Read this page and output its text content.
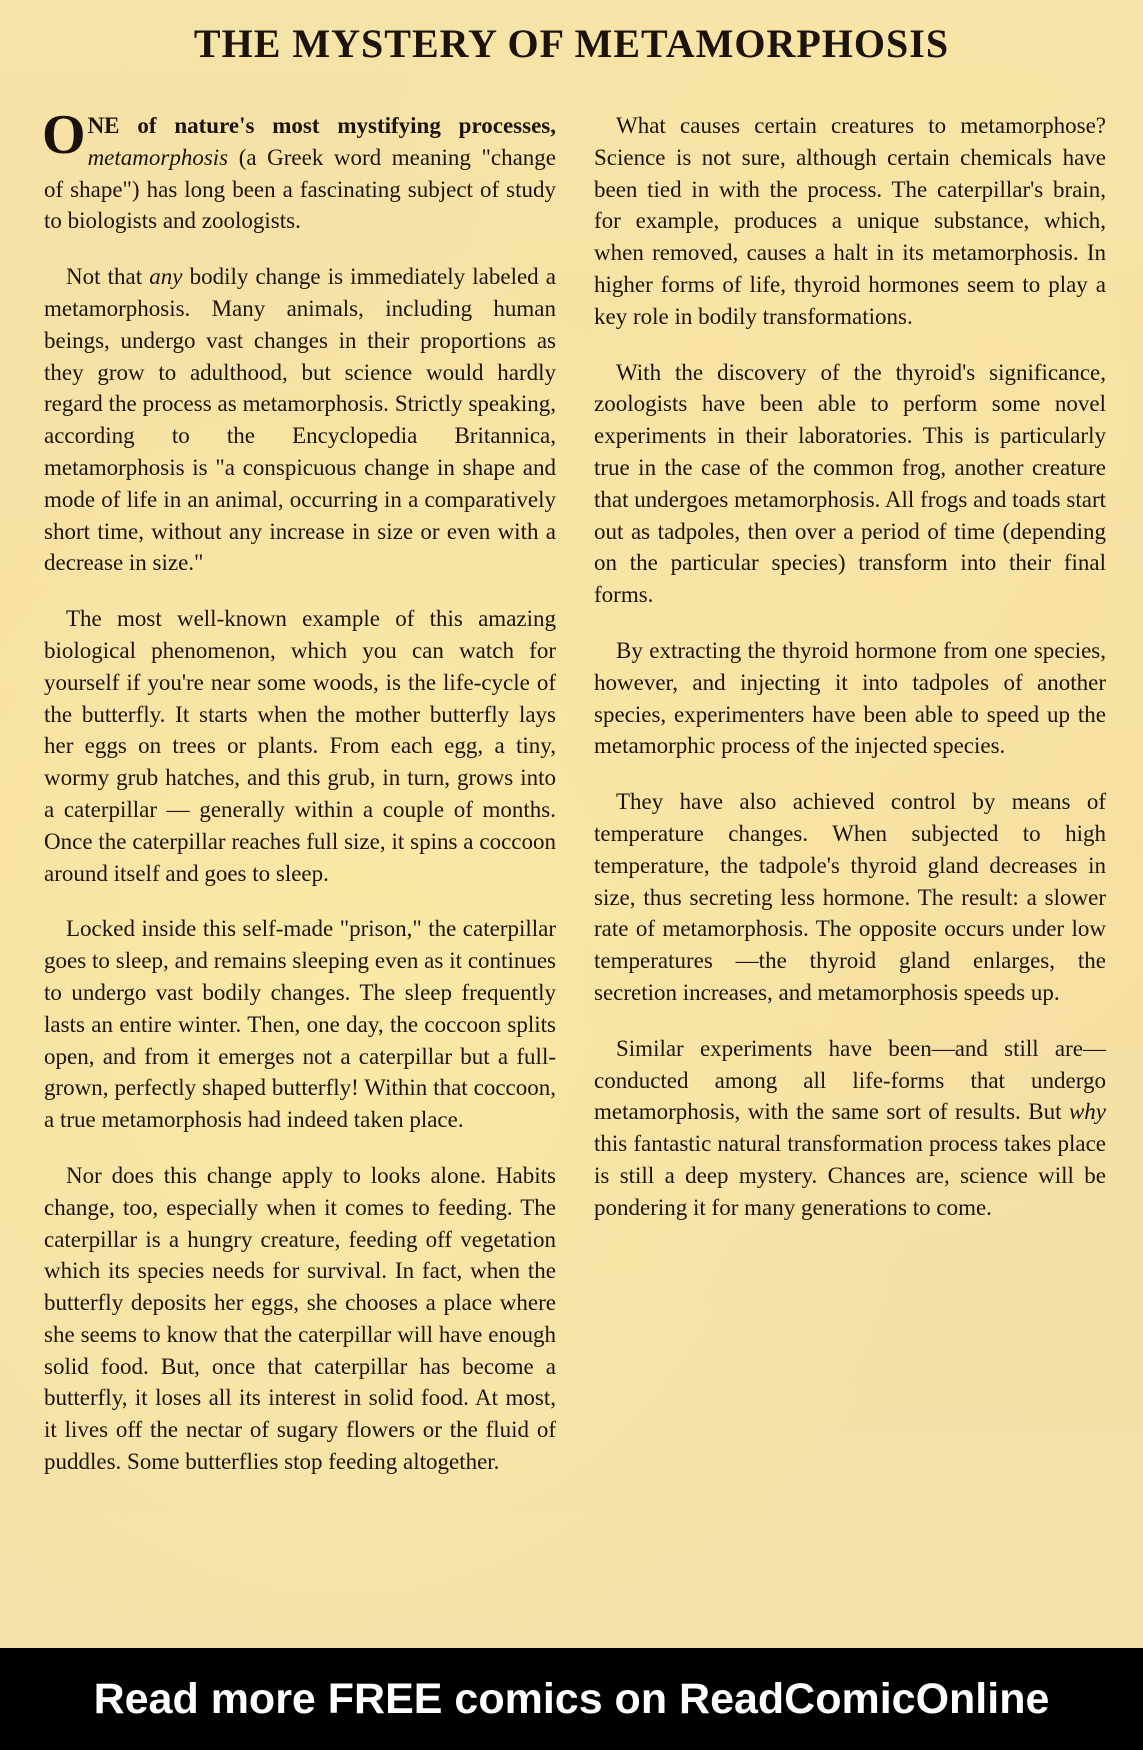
THE MYSTERY OF METAMORPHOSIS

ONE of nature's most mystifying processes, metamorphosis (a Greek word meaning "change of shape") has long been a fascinating subject of study to biologists and zoologists.

Not that any bodily change is immediately labeled a metamorphosis. Many animals, including human beings, undergo vast changes in their proportions as they grow to adulthood, but science would hardly regard the process as metamorphosis. Strictly speaking, according to the Encyclopedia Britannica, metamorphosis is "a conspicuous change in shape and mode of life in an animal, occurring in a comparatively short time, without any increase in size or even with a decrease in size."

The most well-known example of this amazing biological phenomenon, which you can watch for yourself if you're near some woods, is the life-cycle of the butterfly. It starts when the mother butterfly lays her eggs on trees or plants. From each egg, a tiny, wormy grub hatches, and this grub, in turn, grows into a caterpillar — generally within a couple of months. Once the caterpillar reaches full size, it spins a coccoon around itself and goes to sleep.

Locked inside this self-made "prison," the caterpillar goes to sleep, and remains sleeping even as it continues to undergo vast bodily changes. The sleep frequently lasts an entire winter. Then, one day, the coccoon splits open, and from it emerges not a caterpillar but a full-grown, perfectly shaped butterfly! Within that coccoon, a true metamorphosis had indeed taken place.

Nor does this change apply to looks alone. Habits change, too, especially when it comes to feeding. The caterpillar is a hungry creature, feeding off vegetation which its species needs for survival. In fact, when the butterfly deposits her eggs, she chooses a place where she seems to know that the caterpillar will have enough solid food. But, once that caterpillar has become a butterfly, it loses all its interest in solid food. At most, it lives off the nectar of sugary flowers or the fluid of puddles. Some butterflies stop feeding altogether.

What causes certain creatures to metamorphose? Science is not sure, although certain chemicals have been tied in with the process. The caterpillar's brain, for example, produces a unique substance, which, when removed, causes a halt in its metamorphosis. In higher forms of life, thyroid hormones seem to play a key role in bodily transformations.

With the discovery of the thyroid's significance, zoologists have been able to perform some novel experiments in their laboratories. This is particularly true in the case of the common frog, another creature that undergoes metamorphosis. All frogs and toads start out as tadpoles, then over a period of time (depending on the particular species) transform into their final forms.

By extracting the thyroid hormone from one species, however, and injecting it into tadpoles of another species, experimenters have been able to speed up the metamorphic process of the injected species.

They have also achieved control by means of temperature changes. When subjected to high temperature, the tadpole's thyroid gland decreases in size, thus secreting less hormone. The result: a slower rate of metamorphosis. The opposite occurs under low temperatures —the thyroid gland enlarges, the secretion increases, and metamorphosis speeds up.

Similar experiments have been—and still are—conducted among all life-forms that undergo metamorphosis, with the same sort of results. But why this fantastic natural transformation process takes place is still a deep mystery. Chances are, science will be pondering it for many generations to come.

Read more FREE comics on ReadComicOnline
